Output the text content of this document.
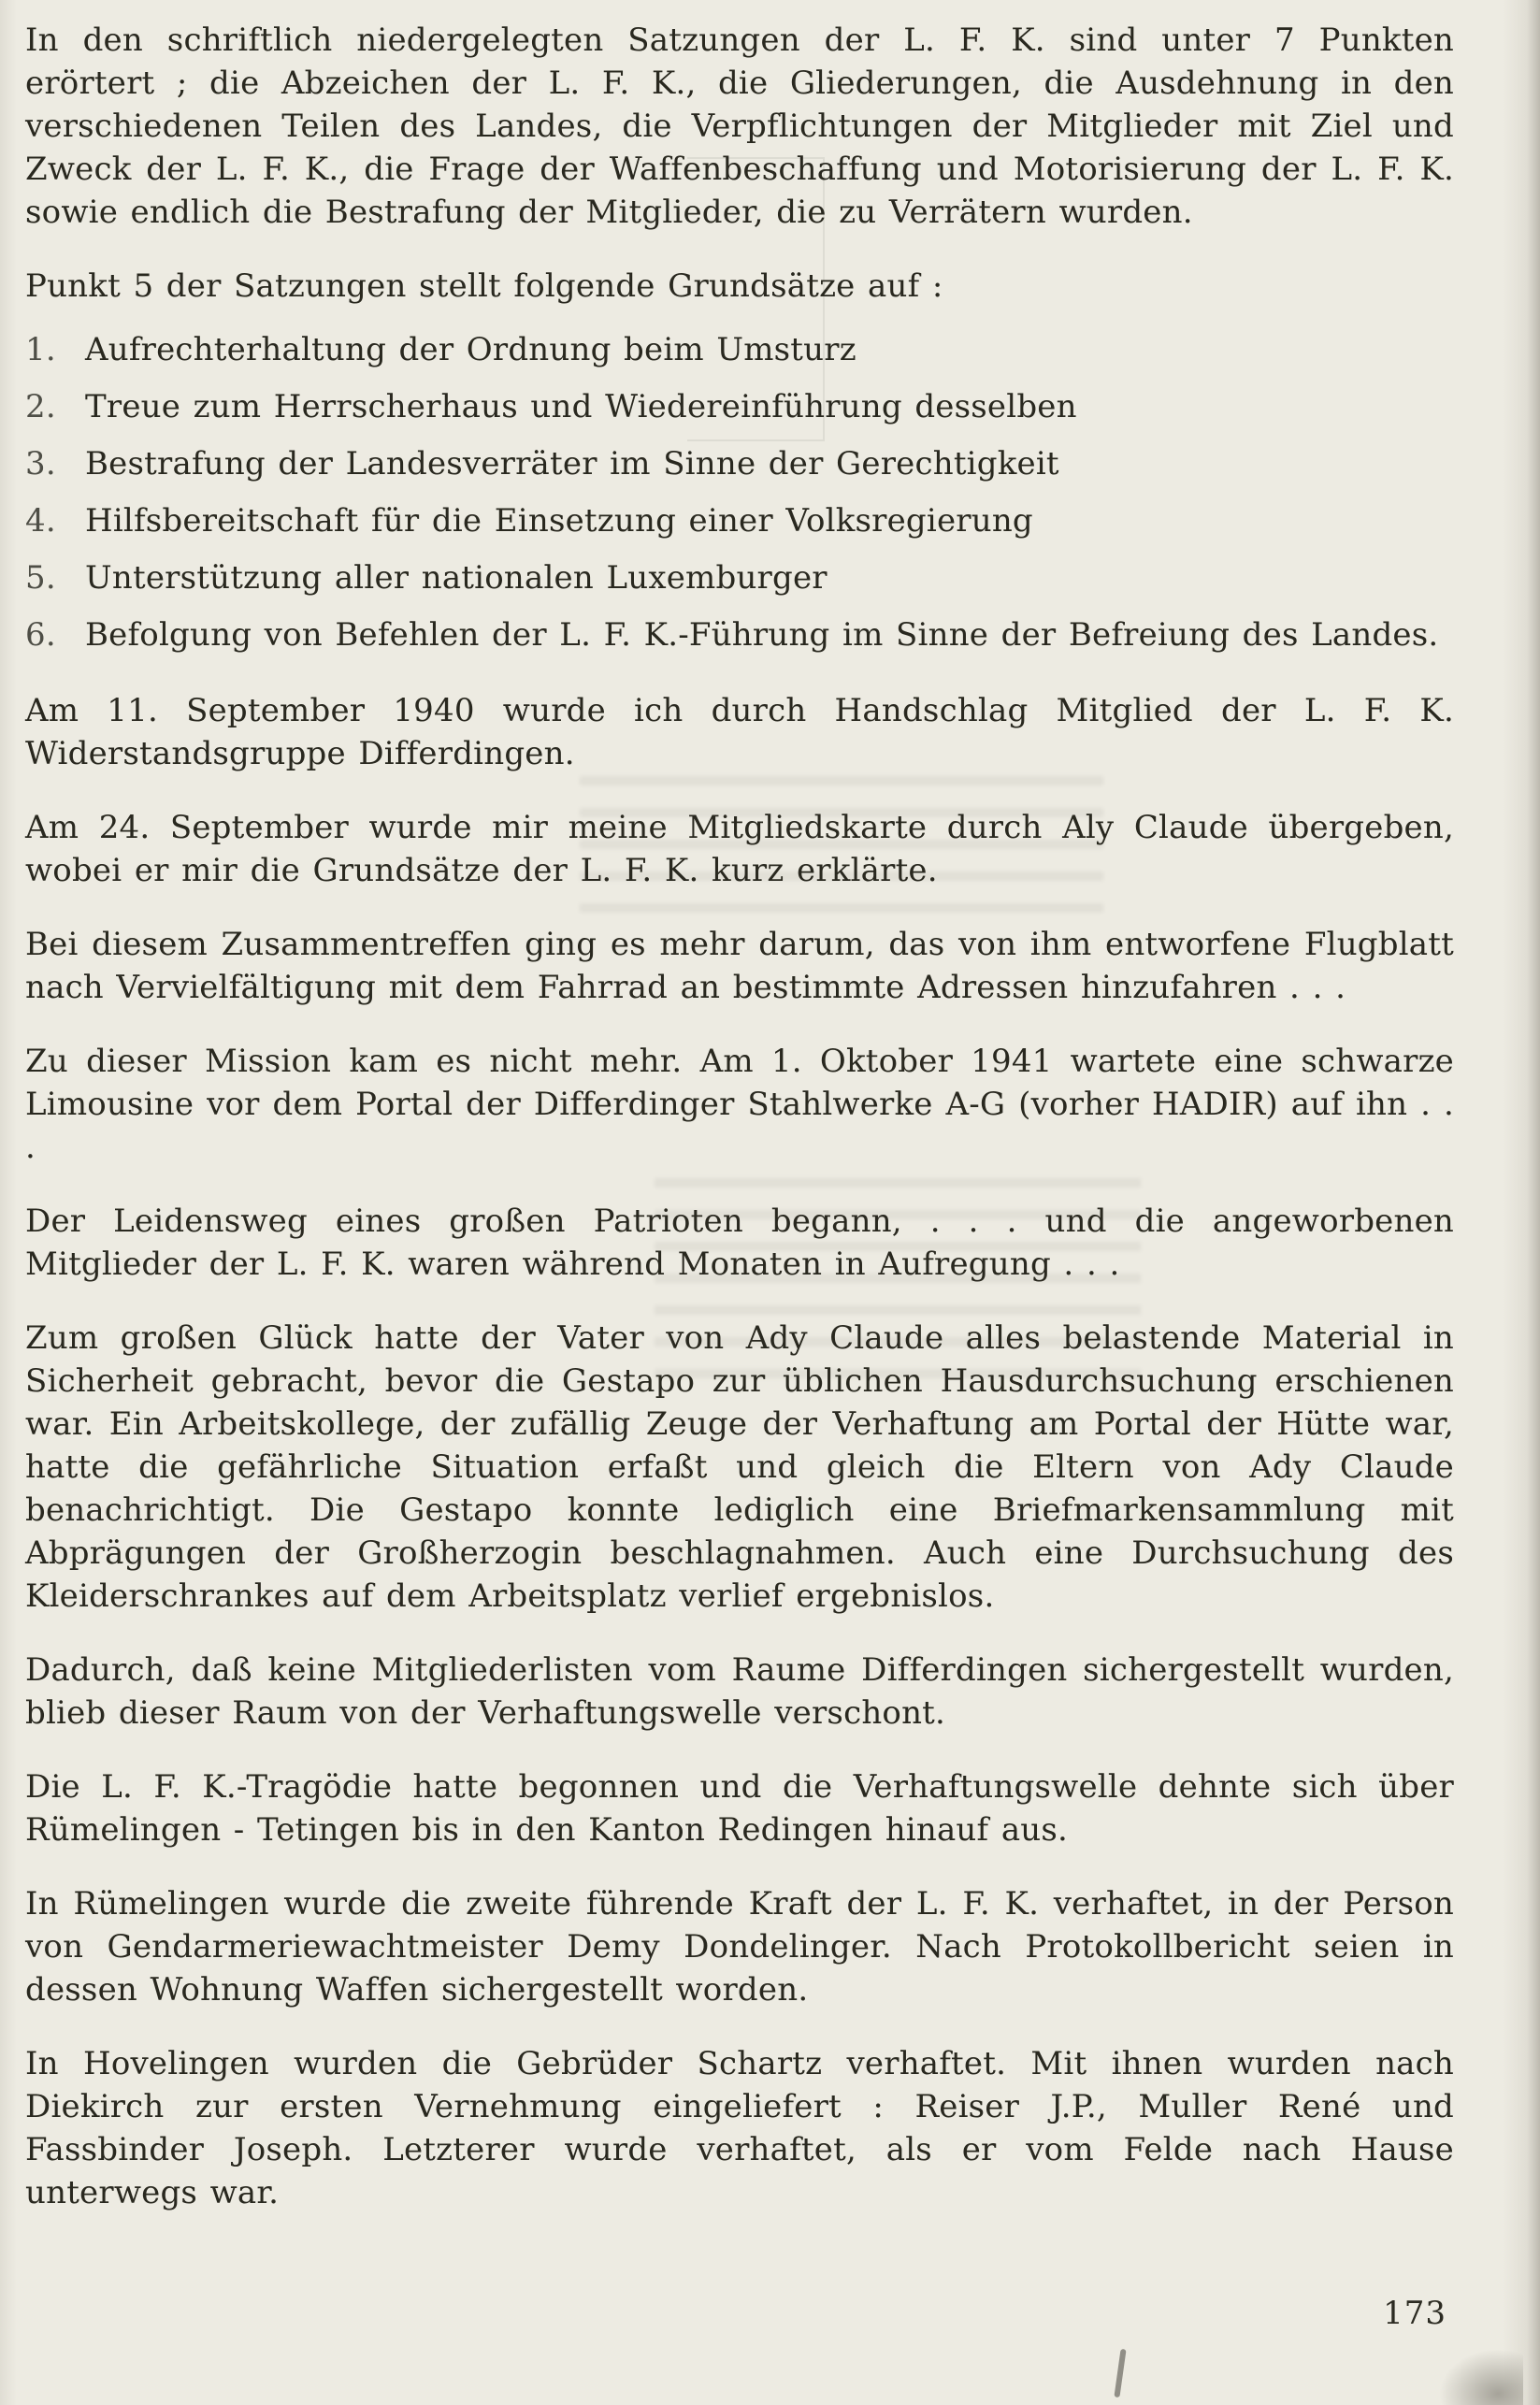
In den schriftlich niedergelegten Satzungen der L. F. K. sind unter 7 Punkten erörtert ; die Abzeichen der L. F. K., die Gliederungen, die Ausdehnung in den verschiedenen Teilen des Landes, die Verpflichtungen der Mitglieder mit Ziel und Zweck der L. F. K., die Frage der Waffenbeschaffung und Motorisierung der L. F. K. sowie endlich die Bestrafung der Mitglieder, die zu Verrätern wurden.

Punkt 5 der Satzungen stellt folgende Grundsätze auf :

1. Aufrechterhaltung der Ordnung beim Umsturz
2. Treue zum Herrscherhaus und Wiedereinführung desselben
3. Bestrafung der Landesverräter im Sinne der Gerechtigkeit
4. Hilfsbereitschaft für die Einsetzung einer Volksregierung
5. Unterstützung aller nationalen Luxemburger
6. Befolgung von Befehlen der L. F. K.-Führung im Sinne der Befreiung des Landes.

Am 11. September 1940 wurde ich durch Handschlag Mitglied der L. F. K. Widerstandsgruppe Differdingen.

Am 24. September wurde mir meine Mitgliedskarte durch Aly Claude übergeben, wobei er mir die Grundsätze der L. F. K. kurz erklärte.

Bei diesem Zusammentreffen ging es mehr darum, das von ihm entworfene Flugblatt nach Vervielfältigung mit dem Fahrrad an bestimmte Adressen hinzufahren . . .

Zu dieser Mission kam es nicht mehr. Am 1. Oktober 1941 wartete eine schwarze Limousine vor dem Portal der Differdinger Stahlwerke A-G (vorher HADIR) auf ihn . . .

Der Leidensweg eines großen Patrioten begann, . . . und die angeworbenen Mitglieder der L. F. K. waren während Monaten in Aufregung . . .

Zum großen Glück hatte der Vater von Ady Claude alles belastende Material in Sicherheit gebracht, bevor die Gestapo zur üblichen Hausdurchsuchung erschienen war. Ein Arbeitskollege, der zufällig Zeuge der Verhaftung am Portal der Hütte war, hatte die gefährliche Situation erfaßt und gleich die Eltern von Ady Claude benachrichtigt. Die Gestapo konnte lediglich eine Briefmarkensammlung mit Abprägungen der Großherzogin beschlagnahmen. Auch eine Durchsuchung des Kleiderschrankes auf dem Arbeitsplatz verlief ergebnislos.

Dadurch, daß keine Mitgliederlisten vom Raume Differdingen sichergestellt wurden, blieb dieser Raum von der Verhaftungswelle verschont.

Die L. F. K.-Tragödie hatte begonnen und die Verhaftungswelle dehnte sich über Rümelingen - Tetingen bis in den Kanton Redingen hinauf aus.

In Rümelingen wurde die zweite führende Kraft der L. F. K. verhaftet, in der Person von Gendarmeriewachtmeister Demy Dondelinger. Nach Protokollbericht seien in dessen Wohnung Waffen sichergestellt worden.

In Hovelingen wurden die Gebrüder Schartz verhaftet. Mit ihnen wurden nach Diekirch zur ersten Vernehmung eingeliefert : Reiser J.P., Muller René und Fassbinder Joseph. Letzterer wurde verhaftet, als er vom Felde nach Hause unterwegs war.

173
